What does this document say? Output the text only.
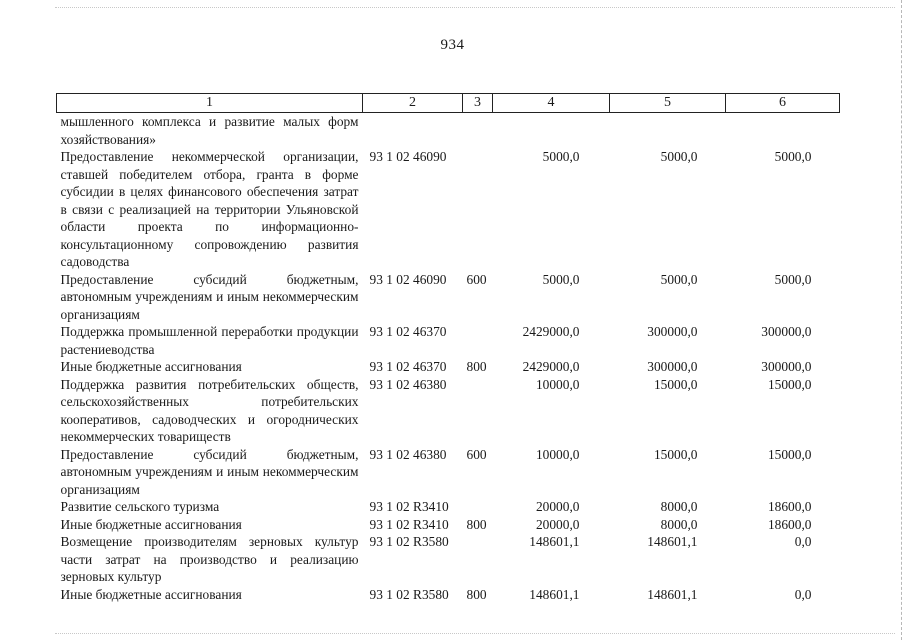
934
1	2	3	4	5	6
мышленного комплекса и развитие малых форм хозяйствования»					
Предоставление некоммерческой организации, ставшей победителем отбора, гранта в форме субсидии в целях финансового обеспечения затрат в связи с реализацией на территории Ульяновской области проекта по информационно-консультационному сопровождению развития садоводства	93 1 02 46090		5000,0	5000,0	5000,0
Предоставление субсидий бюджетным, автономным учреждениям и иным некоммерческим организациям	93 1 02 46090	600	5000,0	5000,0	5000,0
Поддержка промышленной переработки продукции растениеводства	93 1 02 46370		2429000,0	300000,0	300000,0
Иные бюджетные ассигнования	93 1 02 46370	800	2429000,0	300000,0	300000,0
Поддержка развития потребительских обществ, сельскохозяйственных потребительских кооперативов, садоводческих и огороднических некоммерческих товариществ	93 1 02 46380		10000,0	15000,0	15000,0
Предоставление субсидий бюджетным, автономным учреждениям и иным некоммерческим организациям	93 1 02 46380	600	10000,0	15000,0	15000,0
Развитие сельского туризма	93 1 02 R3410		20000,0	8000,0	18600,0
Иные бюджетные ассигнования	93 1 02 R3410	800	20000,0	8000,0	18600,0
Возмещение производителям зерновых культур части затрат на производство и реализацию зерновых культур	93 1 02 R3580		148601,1	148601,1	0,0
Иные бюджетные ассигнования	93 1 02 R3580	800	148601,1	148601,1	0,0
